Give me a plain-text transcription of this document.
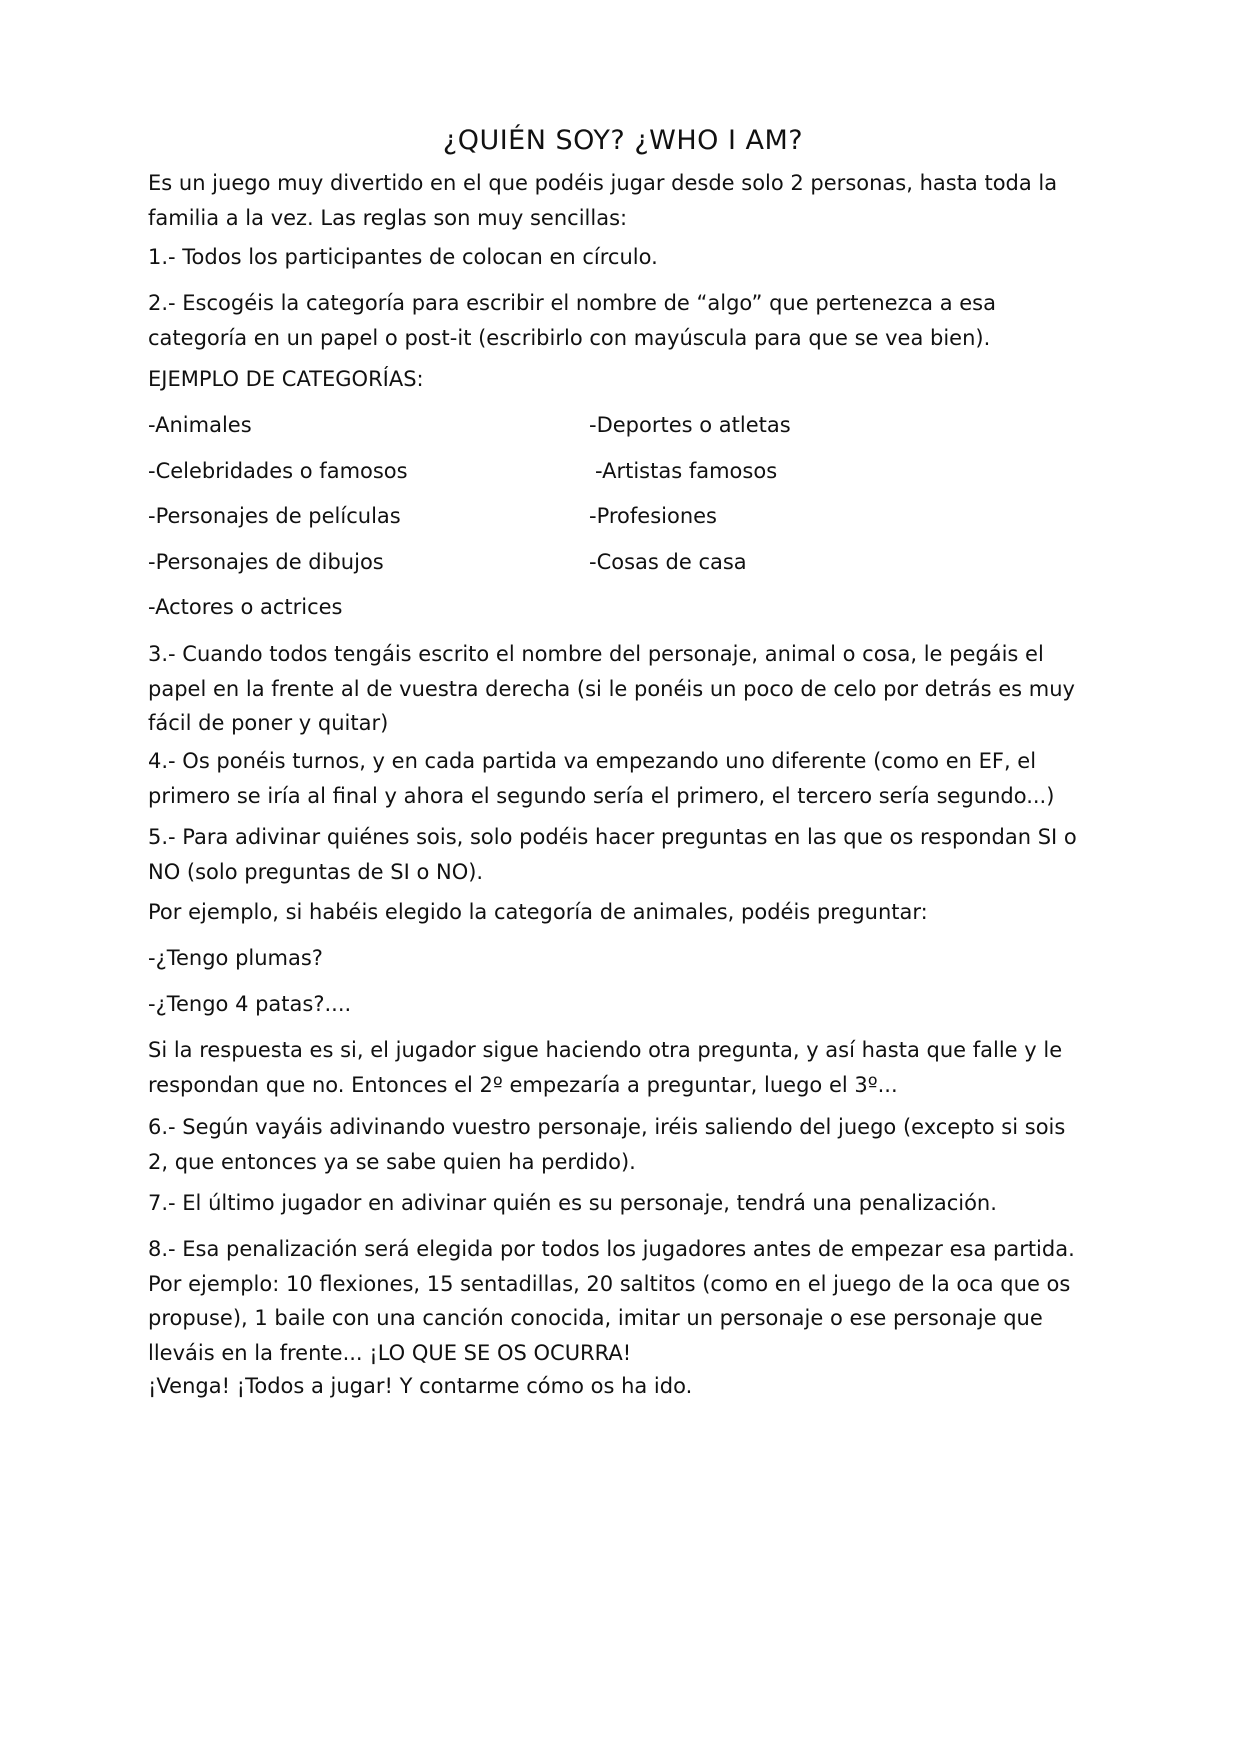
¿QUIÉN SOY? ¿WHO I AM?

Es un juego muy divertido en el que podéis jugar desde solo 2 personas, hasta toda la familia a la vez. Las reglas son muy sencillas:

1.- Todos los participantes de colocan en círculo.

2.- Escogéis la categoría para escribir el nombre de “algo” que pertenezca a esa categoría en un papel o post-it (escribirlo con mayúscula para que se vea bien).

EJEMPLO DE CATEGORÍAS:

-Animales
-Celebridades o famosos
-Personajes de películas
-Personajes de dibujos
-Actores o actrices
-Deportes o atletas
-Artistas famosos
-Profesiones
-Cosas de casa

3.- Cuando todos tengáis escrito el nombre del personaje, animal o cosa, le pegáis el papel en la frente al de vuestra derecha (si le ponéis un poco de celo por detrás es muy fácil de poner y quitar)

4.- Os ponéis turnos, y en cada partida va empezando uno diferente (como en EF, el primero se iría al final y ahora el segundo sería el primero, el tercero sería segundo...)

5.- Para adivinar quiénes sois, solo podéis hacer preguntas en las que os respondan SI o NO (solo preguntas de SI o NO).

Por ejemplo, si habéis elegido la categoría de animales, podéis preguntar:

-¿Tengo plumas?

-¿Tengo 4 patas?....

Si la respuesta es si, el jugador sigue haciendo otra pregunta, y así hasta que falle y le respondan que no. Entonces el 2º empezaría a preguntar, luego el 3º...

6.- Según vayáis adivinando vuestro personaje, iréis saliendo del juego (excepto si sois 2, que entonces ya se sabe quien ha perdido).

7.- El último jugador en adivinar quién es su personaje, tendrá una penalización.

8.- Esa penalización será elegida por todos los jugadores antes de empezar esa partida. Por ejemplo: 10 flexiones, 15 sentadillas, 20 saltitos (como en el juego de la oca que os propuse), 1 baile con una canción conocida, imitar un personaje o ese personaje que lleváis en la frente... ¡LO QUE SE OS OCURRA!

¡Venga! ¡Todos a jugar! Y contarme cómo os ha ido.
